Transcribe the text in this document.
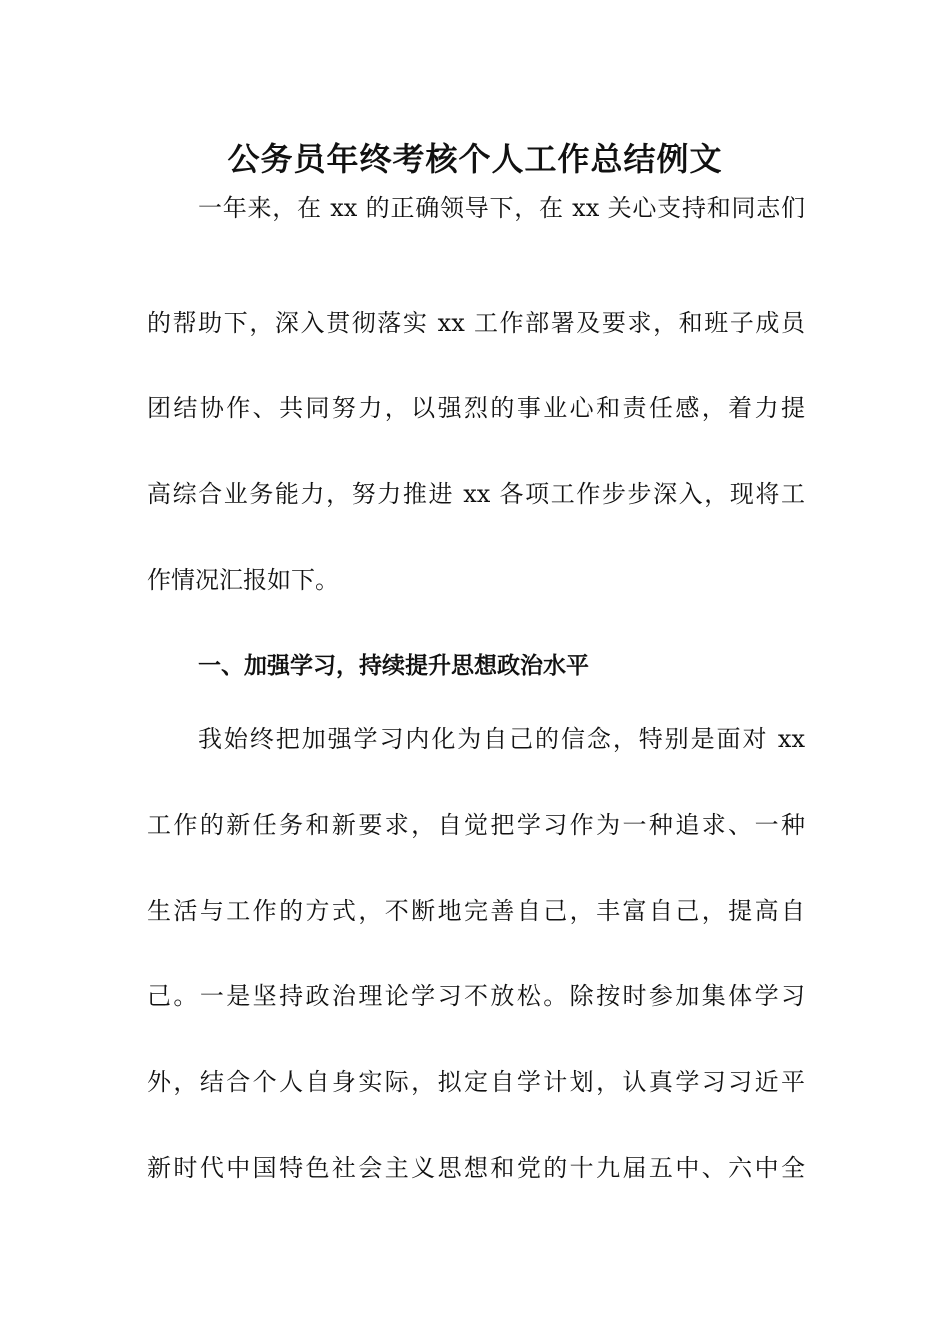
公务员年终考核个人工作总结例文
一年来，在 xx 的正确领导下，在 xx 关心支持和同志们
的帮助下，深入贯彻落实 xx 工作部署及要求，和班子成员
团结协作、共同努力，以强烈的事业心和责任感，着力提
高综合业务能力，努力推进 xx 各项工作步步深入，现将工
作情况汇报如下。
一、加强学习，持续提升思想政治水平
我始终把加强学习内化为自己的信念，特别是面对 xx
工作的新任务和新要求，自觉把学习作为一种追求、一种
生活与工作的方式，不断地完善自己，丰富自己，提高自
己。一是坚持政治理论学习不放松。除按时参加集体学习
外，结合个人自身实际，拟定自学计划，认真学习习近平
新时代中国特色社会主义思想和党的十九届五中、六中全
